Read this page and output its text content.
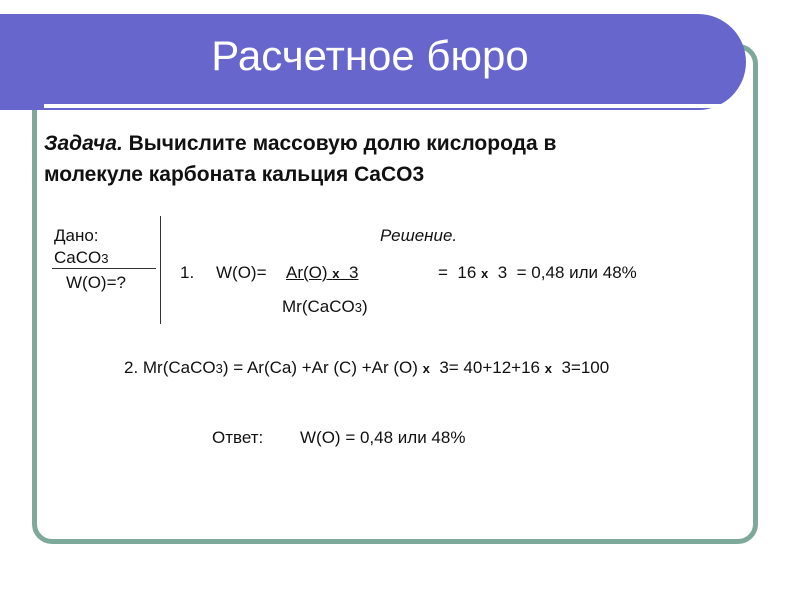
Расчетное бюро
Задача. Вычислите массовую долю кислорода в
молекуле карбоната кальция CaCO3
Дано:
CaCO3
W(O)=?
Решение.
1. W(O)= Ar(O) x 3	= 16 x 3 = 0,48 или 48%
Mr(CaCO3)
2. Mr(CaCO3) = Ar(Ca) +Ar (C) +Ar (O) x 3= 40+12+16 x 3=100
Ответ: W(O) = 0,48 или 48%
